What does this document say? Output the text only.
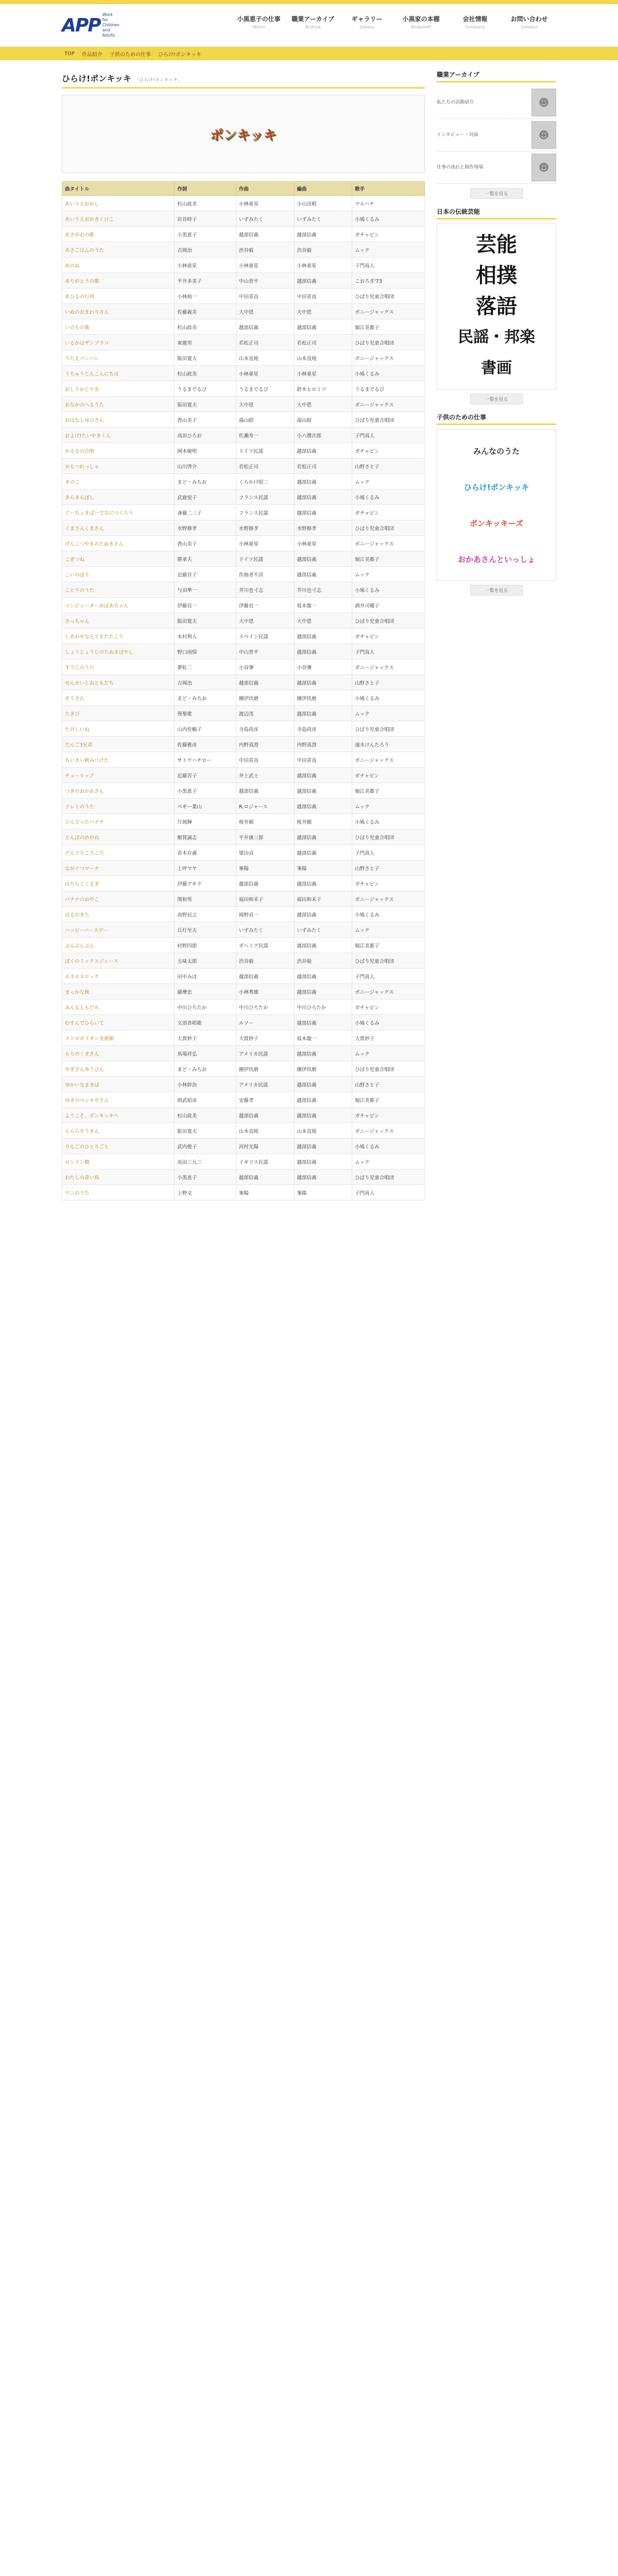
APP Work for Children and Adults
小黒恵子の仕事
Works
職業アーカイブ
Archive
ギャラリー
Gallery
小黒家の本棚
Bookshelf
会社情報
Company
お問い合わせ
Contact
TOP 作品紹介 子供のための仕事 ひらけ!ポンキッキ
ひらけ!ポンキッキ 「ひらけ!ポンキッキ」
ポンキッキ
曲タイトル	作詞	作曲	編曲	歌手
あいうえおかし	杉山政美	小林亜星	小山田梢	マルハチ
あいうえおかきくけこ	岩谷時子	いずみたく	いずみたく	小鳩くるみ
あさがおの歌	小黒恵子	越部信義	越部信義	ガチャピン
あさごはんのうた	吉岡治	渋谷毅	渋谷毅	ムック
あのね	小林亜星	小林亜星	小林亜星	子門真人
ありがとうの歌	平井多美子	中山晋平	越部信義	こおろぎ'73
あひるの行列	小林純一	中田喜直	中田喜直	ひばり児童合唱団
いぬのおまわりさん	佐藤義美	大中恩	大中恩	ボニージャックス
いのちの歌	杉山政美	越部信義	越部信義	堀江美都子
いるかはザンブラコ	東龍男	若松正司	若松正司	ひばり児童合唱団
うたえバンバン	阪田寛夫	山本直純	山本直純	ボニージャックス
うちゅうじんこんにちは	杉山政美	小林亜星	小林亜星	小鳩くるみ
おしりかじり虫	うるまでるび	うるまでるび	鈴木ヒロミツ	うるまでるび
おなかのへるうた	阪田寛夫	大中恩	大中恩	ボニージャックス
おはなしゆびさん	香山美子	湯山昭	湯山昭	ひばり児童合唱団
およげ!たいやきくん	高田ひろお	佐瀬寿一	小六禮次郎	子門真人
かえるの合唱	岡本敏明	ドイツ民謡	越部信義	ガチャピン
かもつれっしゃ	山川啓介	若松正司	若松正司	山野さと子
きのこ	まど・みちお	くらかけ昭二	越部信義	ムック
きらきらぼし	武鹿悦子	フランス民謡	越部信義	小鳩くるみ
ぐーちょきぱーでなにつくろう	斎藤二三子	フランス民謡	越部信義	ガチャピン
くまさんくまさん	水野修孝	水野修孝	水野修孝	ひばり児童合唱団
げんこつやまのたぬきさん	香山美子	小林亜星	小林亜星	ボニージャックス
こぎつね	勝承夫	ドイツ民謡	越部信義	堀江美都子
こいのぼり	近藤宮子	作曲者不詳	越部信義	ムック
ことりのうた	与田準一	芥川也寸志	芥川也寸志	小鳩くるみ
コンピューターおばあちゃん	伊藤良一	伊藤良一	坂本龍一	酒井司優子
さっちゃん	阪田寛夫	大中恩	大中恩	ひばり児童合唱団
しあわせならてをたたこう	木村利人	スペイン民謡	越部信義	ガチャピン
しょうじょうじのたぬきばやし	野口雨情	中山晋平	越部信義	子門真人
すうじのうた	夢虹二	小谷肇	小谷肇	ボニージャックス
せんせいとおともだち	吉岡治	越部信義	越部信義	山野さと子
ぞうさん	まど・みちお	團伊玖磨	團伊玖磨	小鳩くるみ
たきび	巽聖歌	渡辺茂	越部信義	ムック
たのしいね	山内佳鶴子	寺島尚彦	寺島尚彦	ひばり児童合唱団
だんご3兄弟	佐藤雅彦	内野真澄	内野真澄	速水けんたろう
ちいさい秋みつけた	サトウハチロー	中田喜直	中田喜直	ボニージャックス
チューリップ	近藤宮子	井上武士	越部信義	ガチャピン
つきのおかあさん	小黒恵子	越部信義	越部信義	堀江美都子
ドレミのうた	ペギー葉山	R.ロジャース	越部信義	ムック
とんでったバナナ	片岡輝	桜井順	桜井順	小鳩くるみ
とんぼのめがね	額賀誠志	平井康三郎	越部信義	ひばり児童合唱団
どんぐりころころ	青木存義	梁田貞	越部信義	子門真人
ながぐつマーチ	上坪マヤ	峯陽	峯陽	山野さと子
はたらくくるま	伊藤アキラ	越部信義	越部信義	ガチャピン
バナナのおやこ	関和男	福田和禾子	福田和禾子	ボニージャックス
はるがきた	高野辰之	岡野貞一	越部信義	小鳩くるみ
ハッピーバースデー	丘灯至夫	いずみたく	いずみたく	ムック
ぶんぶんぶん	村野四郎	ボヘミア民謡	越部信義	堀江美都子
ぼくのミックスジュース	五味太郎	渋谷毅	渋谷毅	ひばり児童合唱団
ホネホネロック	田中みほ	越部信義	越部信義	子門真人
まっかな秋	薩摩忠	小林秀雄	越部信義	ボニージャックス
みんなともだち	中川ひろたか	中川ひろたか	中川ひろたか	ガチャピン
むすんでひらいて	文部省唱歌	ルソー	越部信義	小鳩くるみ
メトロポリタン美術館	大貫妙子	大貫妙子	坂本龍一	大貫妙子
もりのくまさん	馬場祥弘	アメリカ民謡	越部信義	ムック
やぎさんゆうびん	まど・みちお	團伊玖磨	團伊玖磨	ひばり児童合唱団
ゆかいなまきば	小林幹治	アメリカ民謡	越部信義	山野さと子
ゆきのペンキやさん	則武昭彦	安藤孝	越部信義	堀江美都子
ようこそ、ポンキッキへ	杉山政美	越部信義	越部信義	ガチャピン
らららぞうきん	阪田寛夫	山本直純	山本直純	ボニージャックス
りんごのひとりごと	武内俊子	河村光陽	越部信義	小鳩くるみ
ロンドン橋	高田三九三	イギリス民謡	越部信義	ムック
わたしの青い鳥	小黒恵子	越部信義	越部信義	ひばり児童合唱団
ワニのうた	上野文	峯陽	峯陽	子門真人
職業アーカイブ
私たちの活動紹介	☻
インタビュー・対談	☻
仕事の流れと制作現場	☻
一覧を見る
日本の伝統芸能
芸能
相撲
落語
民謡・邦楽
書画
一覧を見る
子供のための仕事
みんなのうた
ひらけ!ポンキッキ
ポンキッキーズ
おかあさんといっしょ
一覧を見る
